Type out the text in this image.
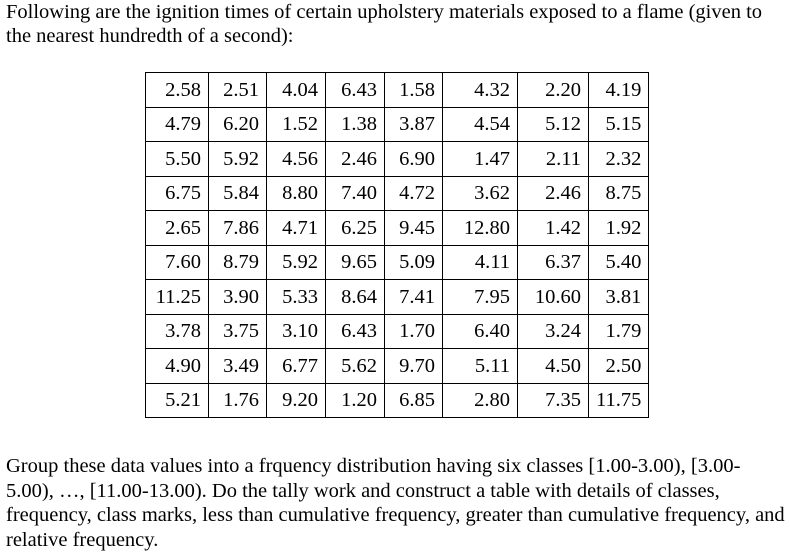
Following are the ignition times of certain upholstery materials exposed to a flame (given to the nearest hundredth of a second):

2.58	2.51	4.04	6.43	1.58	4.32	2.20	4.19
4.79	6.20	1.52	1.38	3.87	4.54	5.12	5.15
5.50	5.92	4.56	2.46	6.90	1.47	2.11	2.32
6.75	5.84	8.80	7.40	4.72	3.62	2.46	8.75
2.65	7.86	4.71	6.25	9.45	12.80	1.42	1.92
7.60	8.79	5.92	9.65	5.09	4.11	6.37	5.40
11.25	3.90	5.33	8.64	7.41	7.95	10.60	3.81
3.78	3.75	3.10	6.43	1.70	6.40	3.24	1.79
4.90	3.49	6.77	5.62	9.70	5.11	4.50	2.50
5.21	1.76	9.20	1.20	6.85	2.80	7.35	11.75

Group these data values into a frquency distribution having six classes [1.00-3.00), [3.00-5.00), …, [11.00-13.00). Do the tally work and construct a table with details of classes, frequency, class marks, less than cumulative frequency, greater than cumulative frequency, and relative frequency.
